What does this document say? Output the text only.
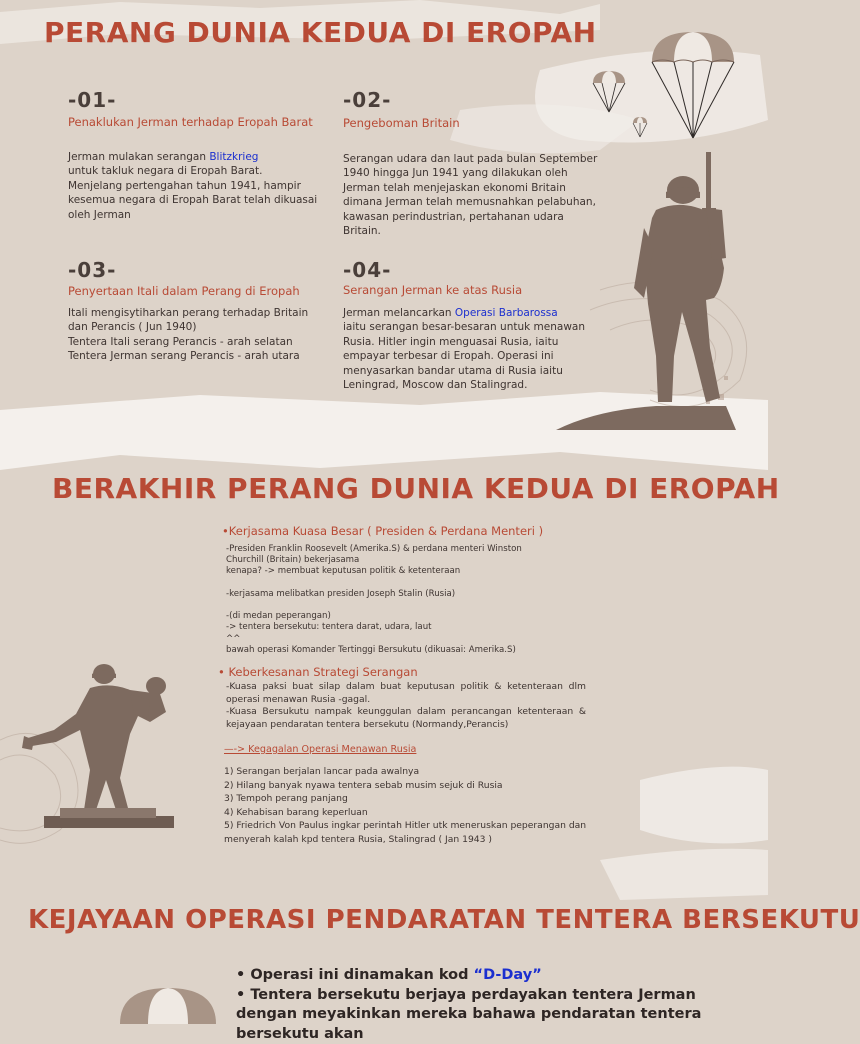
PERANG DUNIA KEDUA DI EROPAH
-01-
Penaklukan Jerman terhadap Eropah Barat
Jerman mulakan serangan Blitzkrieg
untuk takluk negara di Eropah Barat.
Menjelang pertengahan tahun 1941, hampir kesemua negara di Eropah Barat telah dikuasai oleh Jerman
-02-
Pengeboman Britain
Serangan udara dan laut pada bulan September 1940 hingga Jun 1941 yang dilakukan oleh Jerman telah menjejaskan ekonomi Britain dimana Jerman telah memusnahkan pelabuhan, kawasan perindustrian, pertahanan udara Britain.
-03-
Penyertaan Itali dalam Perang di Eropah
Itali mengisytiharkan perang terhadap Britain dan Perancis ( Jun 1940)
Tentera Itali serang Perancis - arah selatan
Tentera Jerman serang Perancis - arah utara
-04-
Serangan Jerman ke atas Rusia
Jerman melancarkan Operasi Barbarossa
iaitu serangan besar-besaran untuk menawan Rusia. Hitler ingin menguasai Rusia, iaitu empayar terbesar di Eropah. Operasi ini menyasarkan bandar utama di Rusia iaitu Leningrad, Moscow dan Stalingrad.
BERAKHIR PERANG DUNIA KEDUA DI EROPAH
•Kerjasama Kuasa Besar ( Presiden & Perdana Menteri )
-Presiden Franklin Roosevelt (Amerika.S) & perdana menteri Winston
Churchill (Britain) bekerjasama
kenapa? -> membuat keputusan politik & ketenteraan
-kerjasama melibatkan presiden Joseph Stalin (Rusia)
-(di medan peperangan)
-> tentera bersekutu: tentera darat, udara, laut
^^
bawah operasi Komander Tertinggi Bersukutu (dikuasai: Amerika.S)
• Keberkesanan Strategi Serangan
-Kuasa paksi buat silap dalam buat keputusan politik & ketenteraan dlm operasi menawan Rusia -gagal.
-Kuasa Bersukutu nampak keunggulan dalam perancangan ketenteraan & kejayaan pendaratan tentera bersekutu (Normandy,Perancis)
—-> Kegagalan Operasi Menawan Rusia
1) Serangan berjalan lancar pada awalnya
2) Hilang banyak nyawa tentera sebab musim sejuk di Rusia
3) Tempoh perang panjang
4) Kehabisan barang keperluan
5) Friedrich Von Paulus ingkar perintah Hitler utk meneruskan peperangan dan menyerah kalah kpd tentera Rusia, Stalingrad ( Jan 1943 )
KEJAYAAN OPERASI PENDARATAN TENTERA BERSEKUTU
• Operasi ini dinamakan kod “D-Day”
• Tentera bersekutu berjaya perdayakan tentera Jerman dengan meyakinkan mereka bahawa pendaratan tentera bersekutu akan
